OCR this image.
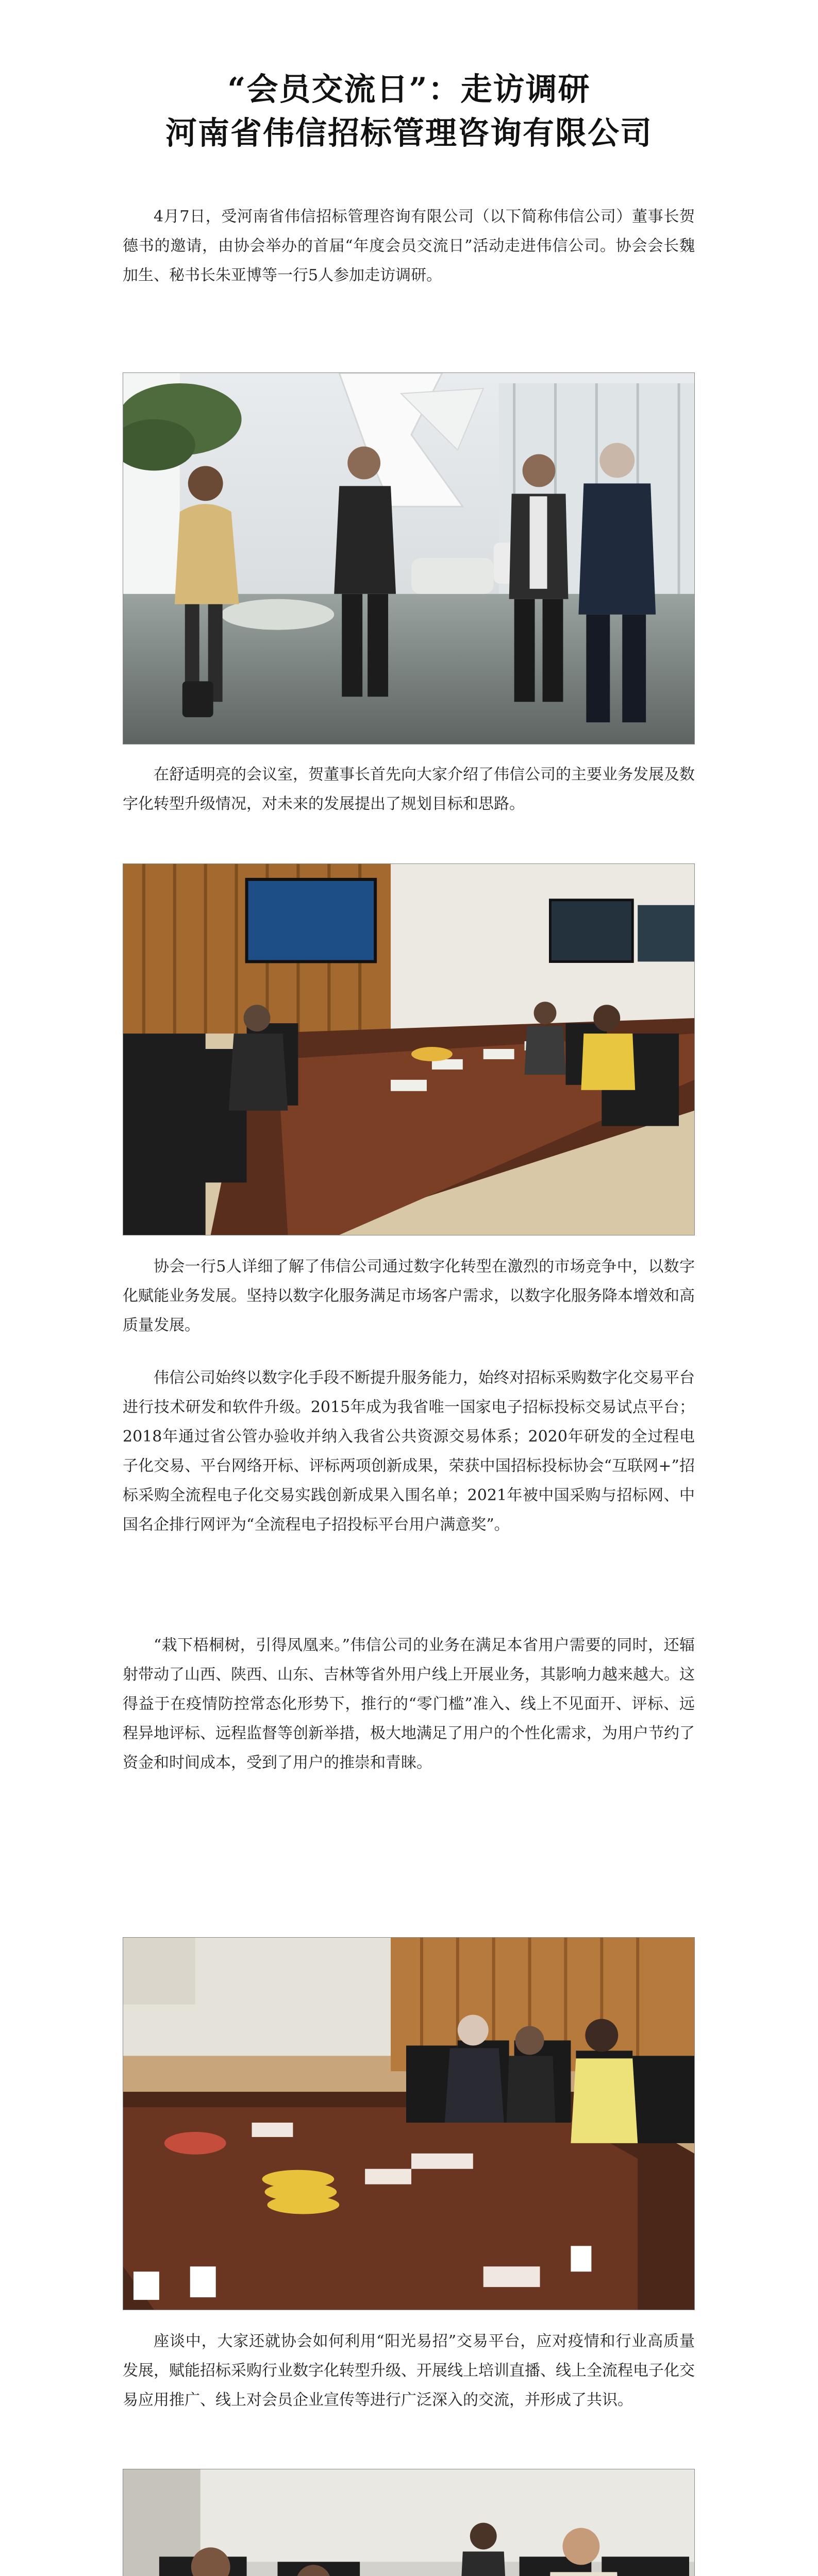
“会员交流日”：走访调研
河南省伟信招标管理咨询有限公司

4月7日，受河南省伟信招标管理咨询有限公司（以下简称伟信公司）董事长贺德书的邀请，由协会举办的首届“年度会员交流日”活动走进伟信公司。协会会长魏加生、秘书长朱亚博等一行5人参加走访调研。

在舒适明亮的会议室，贺董事长首先向大家介绍了伟信公司的主要业务发展及数字化转型升级情况，对未来的发展提出了规划目标和思路。

协会一行5人详细了解了伟信公司通过数字化转型在激烈的市场竞争中，以数字化赋能业务发展。坚持以数字化服务满足市场客户需求，以数字化服务降本增效和高质量发展。

伟信公司始终以数字化手段不断提升服务能力，始终对招标采购数字化交易平台进行技术研发和软件升级。2015年成为我省唯一国家电子招标投标交易试点平台；2018年通过省公管办验收并纳入我省公共资源交易体系；2020年研发的全过程电子化交易、平台网络开标、评标两项创新成果，荣获中国招标投标协会“互联网+”招标采购全流程电子化交易实践创新成果入围名单；2021年被中国采购与招标网、中国名企排行网评为“全流程电子招投标平台用户满意奖”。

“栽下梧桐树，引得凤凰来。”伟信公司的业务在满足本省用户需要的同时，还辐射带动了山西、陕西、山东、吉林等省外用户线上开展业务，其影响力越来越大。这得益于在疫情防控常态化形势下，推行的“零门槛”准入、线上不见面开、评标、远程异地评标、远程监督等创新举措，极大地满足了用户的个性化需求，为用户节约了资金和时间成本，受到了用户的推崇和青睐。

座谈中，大家还就协会如何利用“阳光易招”交易平台，应对疫情和行业高质量发展，赋能招标采购行业数字化转型升级、开展线上培训直播、线上全流程电子化交易应用推广、线上对会员企业宣传等进行广泛深入的交流，并形成了共识。
